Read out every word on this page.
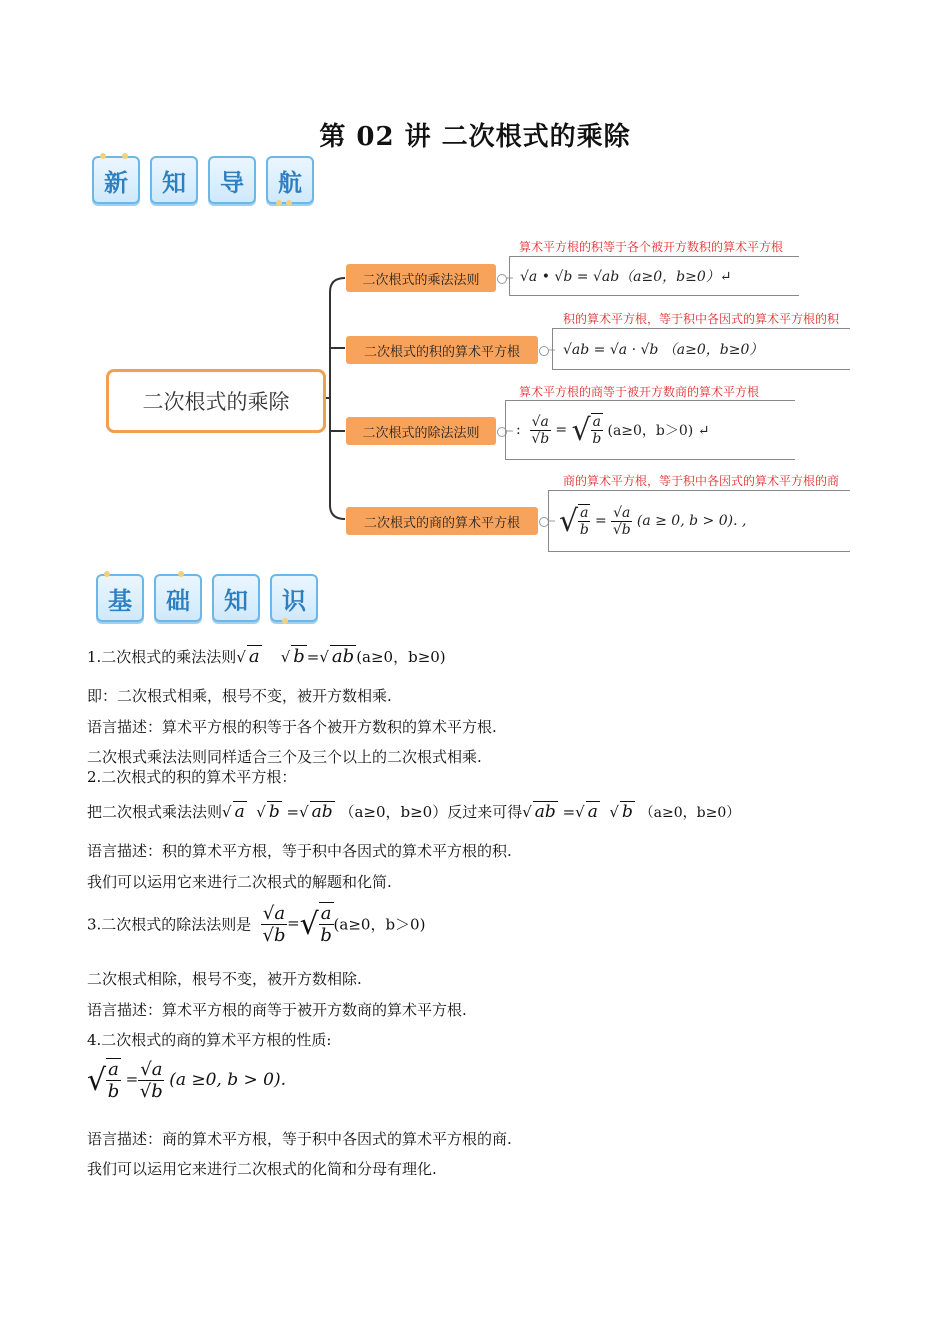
第 02 讲 二次根式的乘除
新 知 导 航
二次根式的乘除
二次根式的乘法法则
算术平方根的积等于各个被开方数积的算术平方根
√a • √b = √ab（a≥0，b≥0）↵
二次根式的积的算术平方根
积的算术平方根，等于积中各因式的算术平方根的积
√ab = √a · √b （a≥0，b≥0）
二次根式的除法法则
算术平方根的商等于被开方数商的算术平方根
:
$\frac{√a}{√b}$
=
√ $\frac{a}{b}$
(a≥0，b＞0) ↵
二次根式的商的算术平方根
商的算术平方根，等于积中各因式的算术平方根的商
√ $\frac{a}{b}$
=
$\frac{√a}{√b}$
(a ≥ 0, b > 0). ,
基 础 知 识
1.二次根式的乘法法则√ a √ b =√ ab (a≥0，b≥0)
即：二次根式相乘，根号不变，被开方数相乘.
语言描述：算术平方根的积等于各个被开方数积的算术平方根.
二次根式乘法法则同样适合三个及三个以上的二次根式相乘.
2.二次根式的积的算术平方根：
把二次根式乘法法则√ a √ b =√ ab （a≥0，b≥0）反过来可得√ ab =√ a √ b （a≥0，b≥0）
语言描述：积的算术平方根，等于积中各因式的算术平方根的积.
我们可以运用它来进行二次根式的解题和化简.
3.二次根式的除法法则是 $\frac{√a}{√b}$ = √ $\frac{a}{b} (a\ge 0$，b＞0)
二次根式相除，根号不变，被开方数相除.
语言描述：算术平方根的商等于被开方数商的算术平方根.
4.二次根式的商的算术平方根的性质:
√ $\frac{a}{b} = \frac{√a}{√b} (a \ge 0$, b > 0).
语言描述：商的算术平方根，等于积中各因式的算术平方根的商.
我们可以运用它来进行二次根式的化简和分母有理化.
